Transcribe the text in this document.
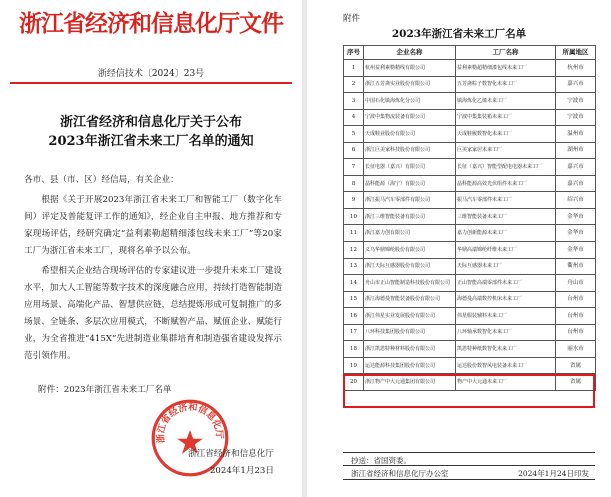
浙江省经济和信息化厅文件
浙经信技术〔2024〕23号
浙江省经济和信息化厅关于公布
2023年浙江省未来工厂名单的通知
各市、县（市、区）经信局，有关企业：
根据《关于开展2023年浙江省未来工厂和智能工厂（数字化车间）评定及普能复评工作的通知》，经企业自主申报、地方推荐和专家现场评估，经研究确定“益利素勒超精细漆包线未来工厂”等20家工厂为浙江省未来工厂，现将名单予以公布。
希望相关企业结合现场评估的专家建议进一步提升未来工厂建设水平，加大人工智能等数字技术的深度融合应用，持续打造智能制造应用场景、高端化产品、智慧供应链，总结提炼形成可复制推广的多场景、全链条、多层次应用模式，不断赋智产品、赋值企业、赋能行业，为全省推进“415X”先进制造业集群培育和制造强省建设发挥示范引领作用。
附件：2023年浙江省未来工厂名单
浙江省经济和信息化厅
浙江省经济和信息化厅
2024年1月23日
附件
2023年浙江省未来工厂名单
序号	企业名称	工厂名称	所属地区
1	杭州益利素勒精线有限公司	益利素勒超精细漆包线未来工厂	杭州市
2	浙江五芳斋实业股份有限公司	五芳斋粽子数智化未来工厂	嘉兴市
3	中国石化镇海炼化分公司	镇海炼化乙烯未来工厂	宁波市
4	宁波中集物流装备有限公司	宁波中集集装箱未来工厂	宁波市
5	天成鞋业股份有限公司	天成鞋履数智化未来工厂	温州市
6	浙江巨美家科技股份有限公司	巨美家家居未来工厂	湖州市
7	长征电器（嘉兴）有限公司	长征（嘉兴）智能型配电电器未来工厂	嘉兴市
8	晶科能源（海宁）有限公司	晶科能源高效光伏组件未来工厂	嘉兴市
9	浙江振马汽车零部件有限公司	振马汽车零部件未来工厂	绍兴市
10	浙江三维智能装备有限公司	三维智能装备未来工厂	金华市
11	浙江嘉力创有限公司	嘉力创新能源未来工厂	金华市
12	义乌华鼎锦纶股份有限公司	华鼎高端锦纶纤维未来工厂	金华市
13	浙江天际互感器股份有限公司	天际互感器未来工厂	衢州市
14	舟山市正山智能制造科技股份有限公司	正山智能高端零部件未来工厂	舟山市
15	浙江海德曼智能装备股份有限公司	海德曼高端数控机床未来工厂	台州市
16	浙江伟星实业发展股份有限公司	伟星服装辅料未来工厂	台州市
17	八环科技集团股份有限公司	八环轴承数智化未来工厂	台州市
18	浙江凯恩特种材料股份有限公司	凯恩特种纸数智化未来工厂	丽水市
19	运达能源科技集团股份有限公司	运达股份数智风电装备未来工厂	省属
20	浙江物产中大元通集团有限公司	物产中大元通未来工厂	省属
抄送：省国资委。
浙江省经济和信息化厅办公室	2024年1月24日印发
